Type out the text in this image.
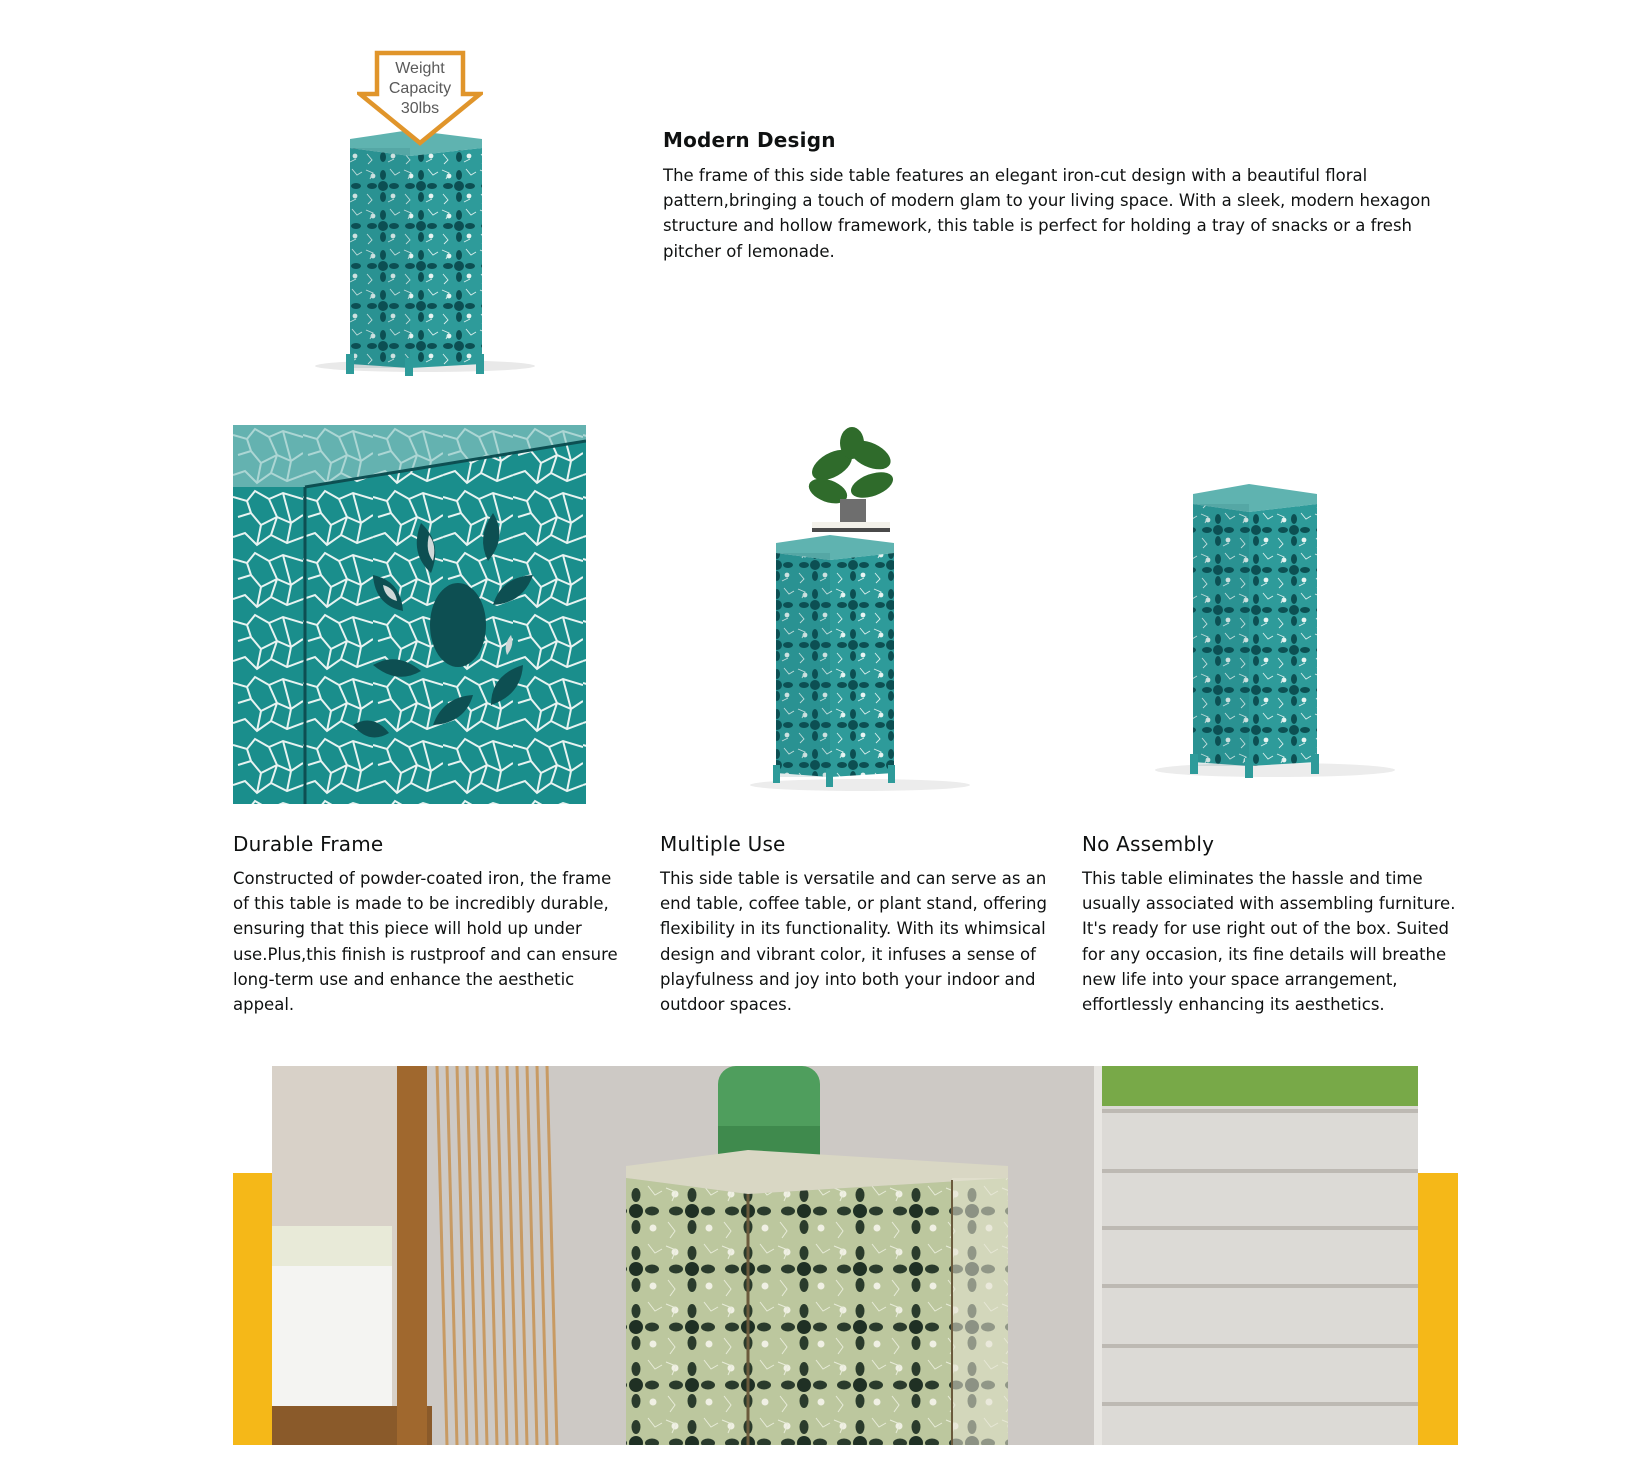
Weight
Capacity
30lbs
Modern Design

The frame of this side table features an elegant iron-cut design with a beautiful floral pattern,bringing a touch of modern glam to your living space. With a sleek, modern hexagon structure and hollow framework, this table is perfect for holding a tray of snacks or a fresh pitcher of lemonade.

Durable Frame

Constructed of powder-coated iron, the frame of this table is made to be incredibly durable, ensuring that this piece will hold up under use.Plus,this finish is rustproof and can ensure long-term use and enhance the aesthetic appeal.

Multiple Use

This side table is versatile and can serve as an end table, coffee table, or plant stand, offering flexibility in its functionality. With its whimsical design and vibrant color, it infuses a sense of playfulness and joy into both your indoor and outdoor spaces.

No Assembly

This table eliminates the hassle and time usually associated with assembling furniture. It's ready for use right out of the box. Suited for any occasion, its fine details will breathe new life into your space arrangement, effortlessly enhancing its aesthetics.
